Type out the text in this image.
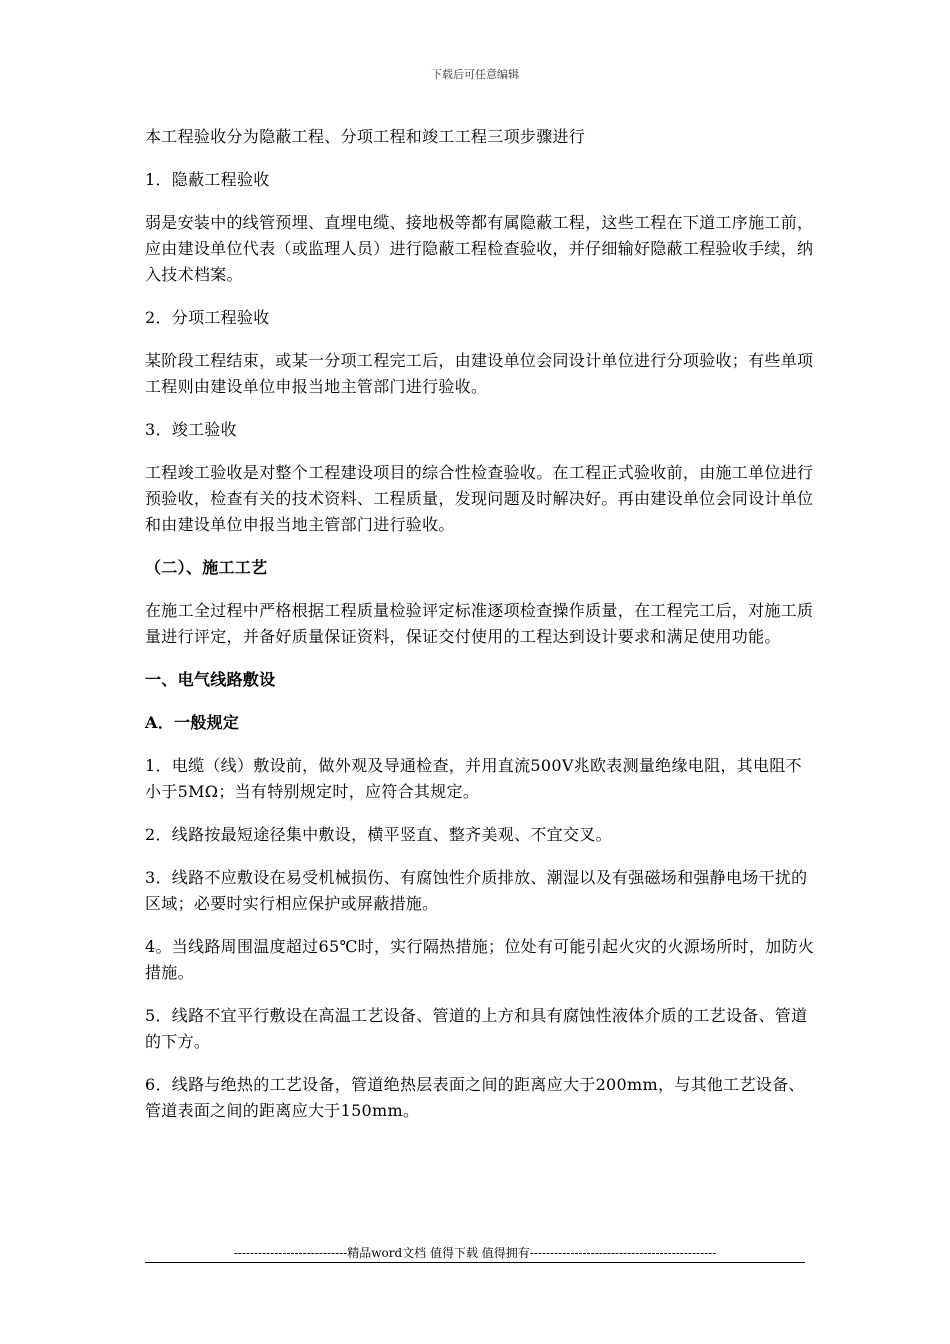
下载后可任意编辑

本工程验收分为隐蔽工程、分项工程和竣工工程三项步骤进行

1．隐蔽工程验收

弱是安装中的线管预埋、直埋电缆、接地极等都有属隐蔽工程，这些工程在下道工序施工前，应由建设单位代表（或监理人员）进行隐蔽工程检查验收，并仔细输好隐蔽工程验收手续，纳入技术档案。

2．分项工程验收

某阶段工程结束，或某一分项工程完工后，由建设单位会同设计单位进行分项验收；有些单项工程则由建设单位申报当地主管部门进行验收。

3．竣工验收

工程竣工验收是对整个工程建设项目的综合性检查验收。在工程正式验收前，由施工单位进行预验收，检查有关的技术资料、工程质量，发现问题及时解决好。再由建设单位会同设计单位和由建设单位申报当地主管部门进行验收。

（二）、施工工艺

在施工全过程中严格根据工程质量检验评定标准逐项检查操作质量，在工程完工后，对施工质量进行评定，并备好质量保证资料，保证交付使用的工程达到设计要求和满足使用功能。

一、电气线路敷设

A．一般规定

1．电缆（线）敷设前，做外观及导通检查，并用直流500V兆欧表测量绝缘电阻，其电阻不小于5MΩ；当有特别规定时，应符合其规定。

2．线路按最短途径集中敷设，横平竖直、整齐美观、不宜交叉。

3．线路不应敷设在易受机械损伤、有腐蚀性介质排放、潮湿以及有强磁场和强静电场干扰的区域；必要时实行相应保护或屏蔽措施。

4。当线路周围温度超过65℃时，实行隔热措施；位处有可能引起火灾的火源场所时，加防火措施。

5．线路不宜平行敷设在高温工艺设备、管道的上方和具有腐蚀性液体介质的工艺设备、管道的下方。

6．线路与绝热的工艺设备，管道绝热层表面之间的距离应大于200mm，与其他工艺设备、管道表面之间的距离应大于150mm。

----------------------------精品word文档 值得下载 值得拥有----------------------------------------------
